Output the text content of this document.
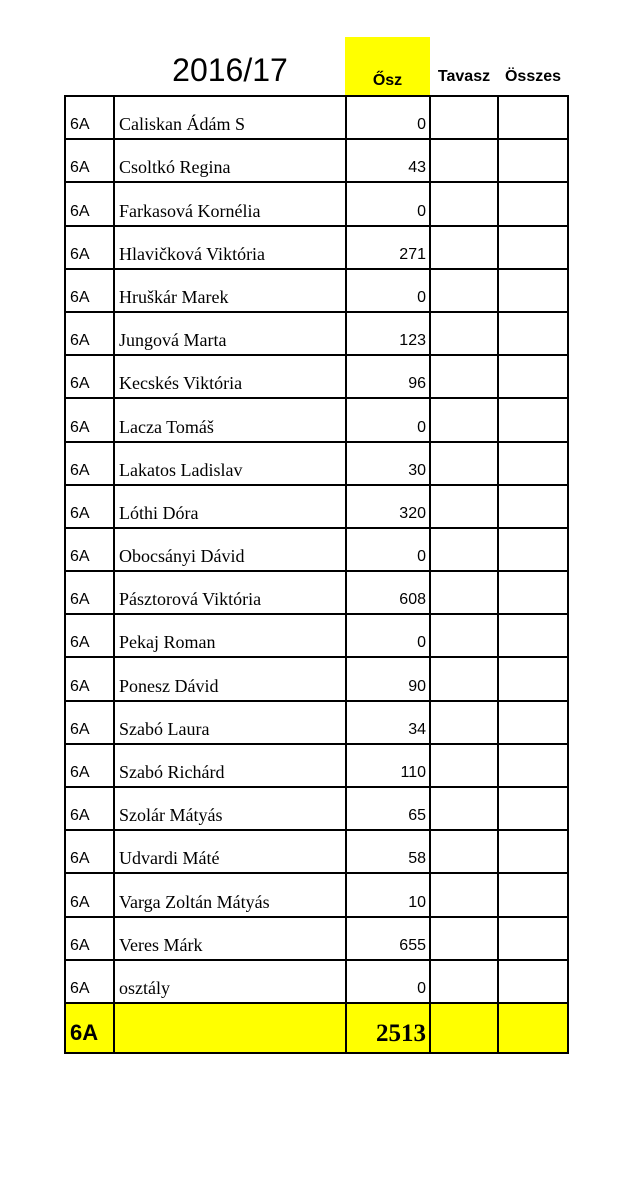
2016/17	Ősz	Tavasz Összes
6A	Caliskan Ádám S	0		
6A	Csoltkó Regina	43		
6A	Farkasová Kornélia	0		
6A	Hlavičková Viktória	271		
6A	Hruškár Marek	0		
6A	Jungová Marta	123		
6A	Kecskés Viktória	96		
6A	Lacza Tomáš	0		
6A	Lakatos Ladislav	30		
6A	Lóthi Dóra	320		
6A	Obocsányi Dávid	0		
6A	Pásztorová Viktória	608		
6A	Pekaj Roman	0		
6A	Ponesz Dávid	90		
6A	Szabó Laura	34		
6A	Szabó Richárd	110		
6A	Szolár Mátyás	65		
6A	Udvardi Máté	58		
6A	Varga Zoltán Mátyás	10		
6A	Veres Márk	655		
6A	osztály	0		
6A		2513		
